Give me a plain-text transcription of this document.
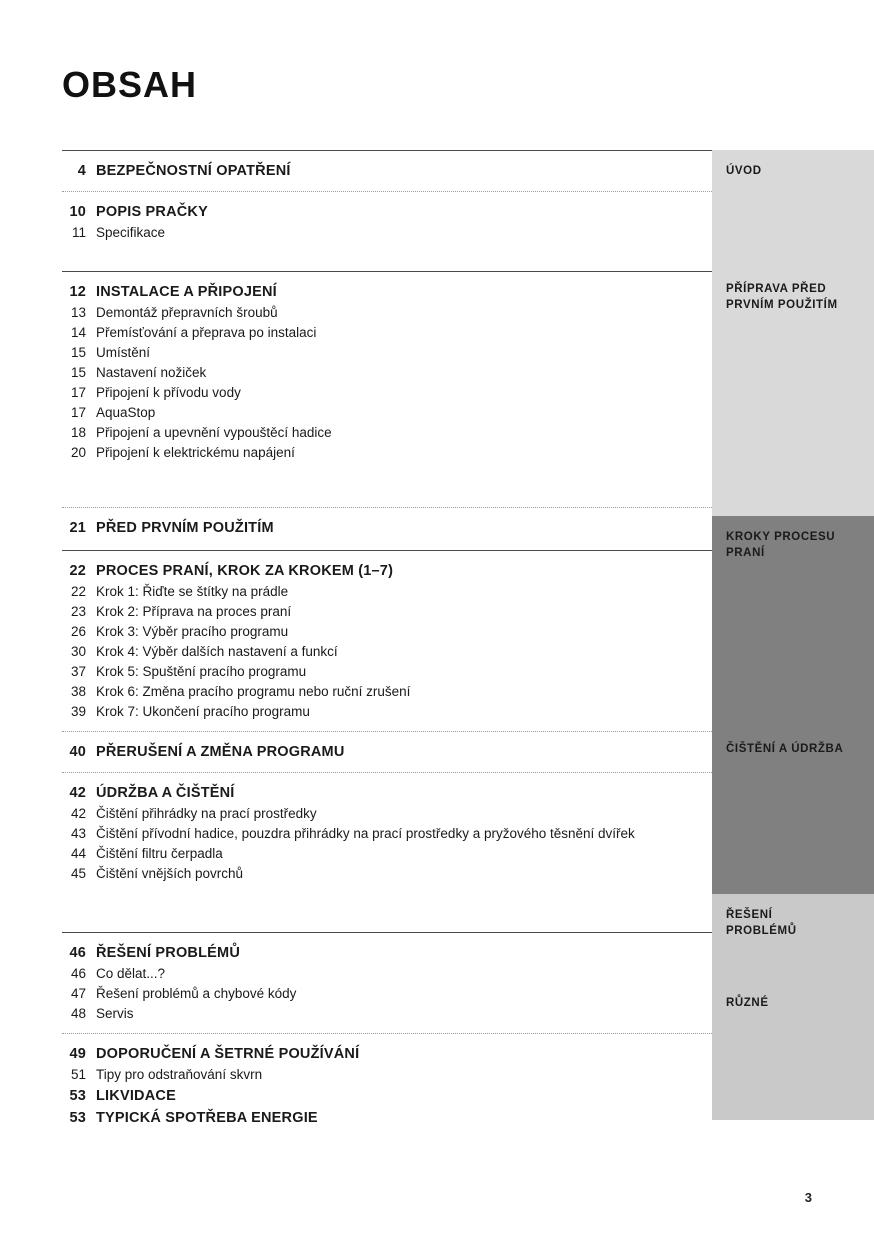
OBSAH
ÚVOD
PŘÍPRAVA PŘED
PRVNÍM POUŽITÍM
KROKY PROCESU
PRANÍ
ČIŠTĚNÍ A ÚDRŽBA
ŘEŠENÍ
PROBLÉMŮ
RŮZNÉ
4 BEZPEČNOSTNÍ OPATŘENÍ
10 POPIS PRAČKY
11 Specifikace
12 INSTALACE A PŘIPOJENÍ
13 Demontáž přepravních šroubů
14 Přemísťování a přeprava po instalaci
15 Umístění
15 Nastavení nožiček
17 Připojení k přívodu vody
17 AquaStop
18 Připojení a upevnění vypouštěcí hadice
20 Připojení k elektrickému napájení
21 PŘED PRVNÍM POUŽITÍM
22 PROCES PRANÍ, KROK ZA KROKEM (1–7)
22 Krok 1: Řiďte se štítky na prádle
23 Krok 2: Příprava na proces praní
26 Krok 3: Výběr pracího programu
30 Krok 4: Výběr dalších nastavení a funkcí
37 Krok 5: Spuštění pracího programu
38 Krok 6: Změna pracího programu nebo ruční zrušení
39 Krok 7: Ukončení pracího programu
40 PŘERUŠENÍ A ZMĚNA PROGRAMU
42 ÚDRŽBA A ČIŠTĚNÍ
42 Čištění přihrádky na prací prostředky
43 Čištění přívodní hadice, pouzdra přihrádky na prací prostředky a pryžového těsnění dvířek
44 Čištění filtru čerpadla
45 Čištění vnějších povrchů
46 ŘEŠENÍ PROBLÉMŮ
46 Co dělat...?
47 Řešení problémů a chybové kódy
48 Servis
49 DOPORUČENÍ A ŠETRNÉ POUŽÍVÁNÍ
51 Tipy pro odstraňování skvrn
53 LIKVIDACE
53 TYPICKÁ SPOTŘEBA ENERGIE
3
